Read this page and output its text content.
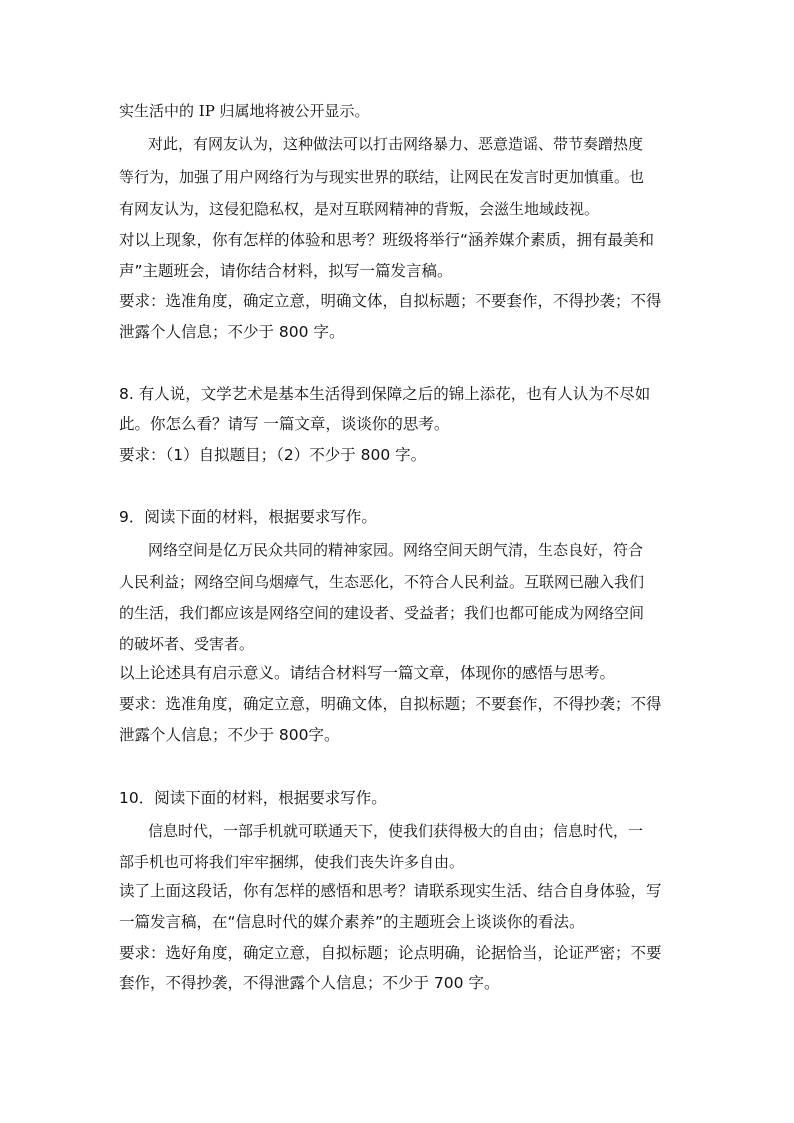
实生活中的 IP 归属地将被公开显示。
对此，有网友认为，这种做法可以打击网络暴力、恶意造谣、带节奏蹭热度
等行为，加强了用户网络行为与现实世界的联结，让网民在发言时更加慎重。也
有网友认为，这侵犯隐私权，是对互联网精神的背叛，会滋生地域歧视。
对以上现象，你有怎样的体验和思考？班级将举行“涵养媒介素质，拥有最美和
声”主题班会，请你结合材料，拟写一篇发言稿。
要求：选准角度，确定立意，明确文体，自拟标题；不要套作，不得抄袭；不得
泄露个人信息；不少于 800 字。
8. 有人说，文学艺术是基本生活得到保障之后的锦上添花，也有人认为不尽如
此。你怎么看？请写 一篇文章，谈谈你的思考。
要求：（1）自拟题目；（2）不少于 800 字。
9．阅读下面的材料，根据要求写作。
网络空间是亿万民众共同的精神家园。网络空间天朗气清，生态良好，符合
人民利益；网络空间乌烟瘴气，生态恶化，不符合人民利益。互联网已融入我们
的生活，我们都应该是网络空间的建设者、受益者；我们也都可能成为网络空间
的破坏者、受害者。
以上论述具有启示意义。请结合材料写一篇文章，体现你的感悟与思考。
要求：选准角度，确定立意，明确文体，自拟标题；不要套作，不得抄袭；不得
泄露个人信息；不少于 800字。
10．阅读下面的材料，根据要求写作。
信息时代，一部手机就可联通天下，使我们获得极大的自由；信息时代，一
部手机也可将我们牢牢捆绑，使我们丧失许多自由。
读了上面这段话，你有怎样的感悟和思考？请联系现实生活、结合自身体验，写
一篇发言稿，在“信息时代的媒介素养”的主题班会上谈谈你的看法。
要求：选好角度，确定立意，自拟标题；论点明确，论据恰当，论证严密；不要
套作，不得抄袭，不得泄露个人信息；不少于 700 字。
